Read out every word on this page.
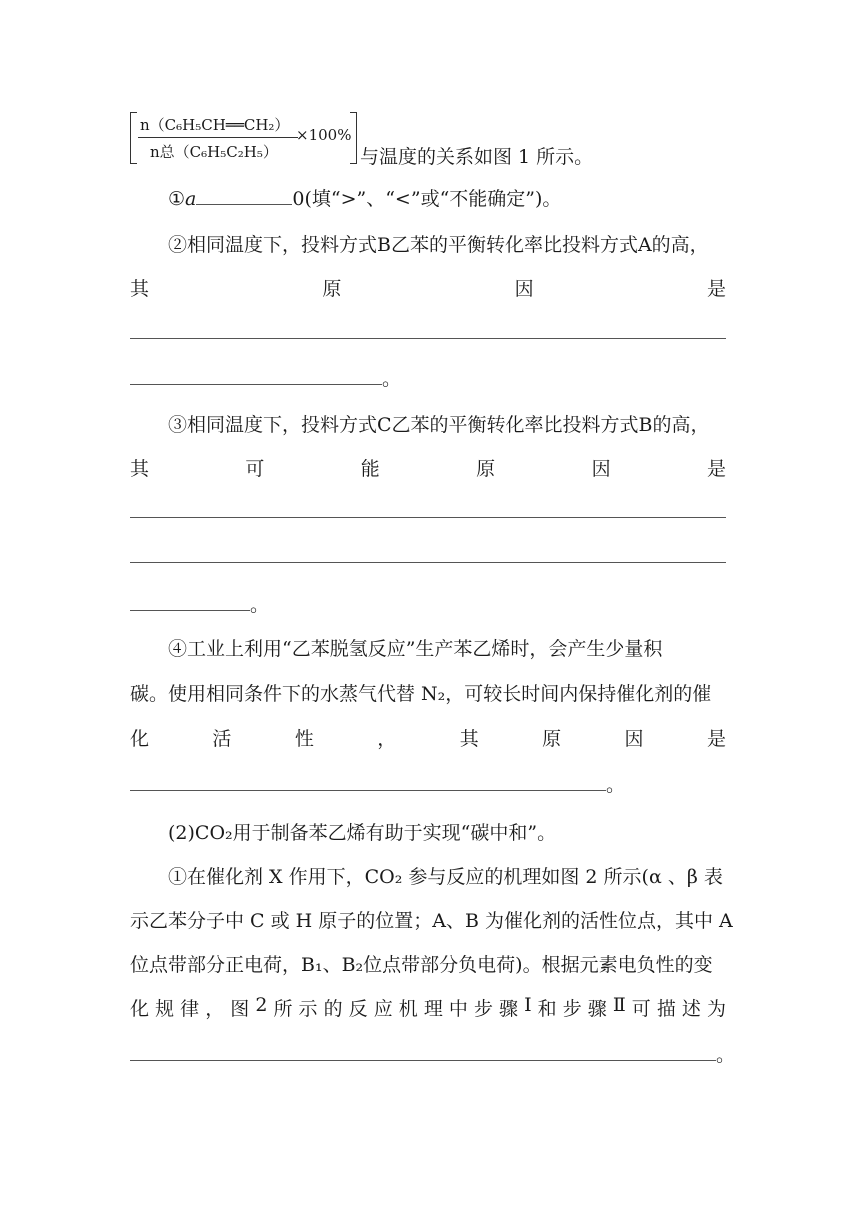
n（C₆H₅CH══CH₂）
n总（C₆H₅C₂H₅）
×100%
与温度的关系如图 1 所示。
①a	0(填“>”、“<”或“不能确定”)。
②相同温度下，投料方式B乙苯的平衡转化率比投料方式A的高，
其	原	因	是
。
③相同温度下，投料方式C乙苯的平衡转化率比投料方式B的高，
其	可	能	原	因	是
。
④工业上利用“乙苯脱氢反应”生产苯乙烯时，会产生少量积
碳。使用相同条件下的水蒸气代替 N₂，可较长时间内保持催化剂的催
化	活	性	，	其	原	因	是
。
(2)CO₂用于制备苯乙烯有助于实现“碳中和”。
①在催化剂 X 作用下，CO₂ 参与反应的机理如图 2 所示(α 、β 表
示乙苯分子中 C 或 H 原子的位置；A、B 为催化剂的活性位点，其中 A
位点带部分正电荷，B₁、B₂位点带部分负电荷)。根据元素电负性的变
化 规 律 ， 图 2 所 示 的 反 应 机 理 中 步 骤 Ⅰ 和 步 骤 Ⅱ 可 描 述 为
。
